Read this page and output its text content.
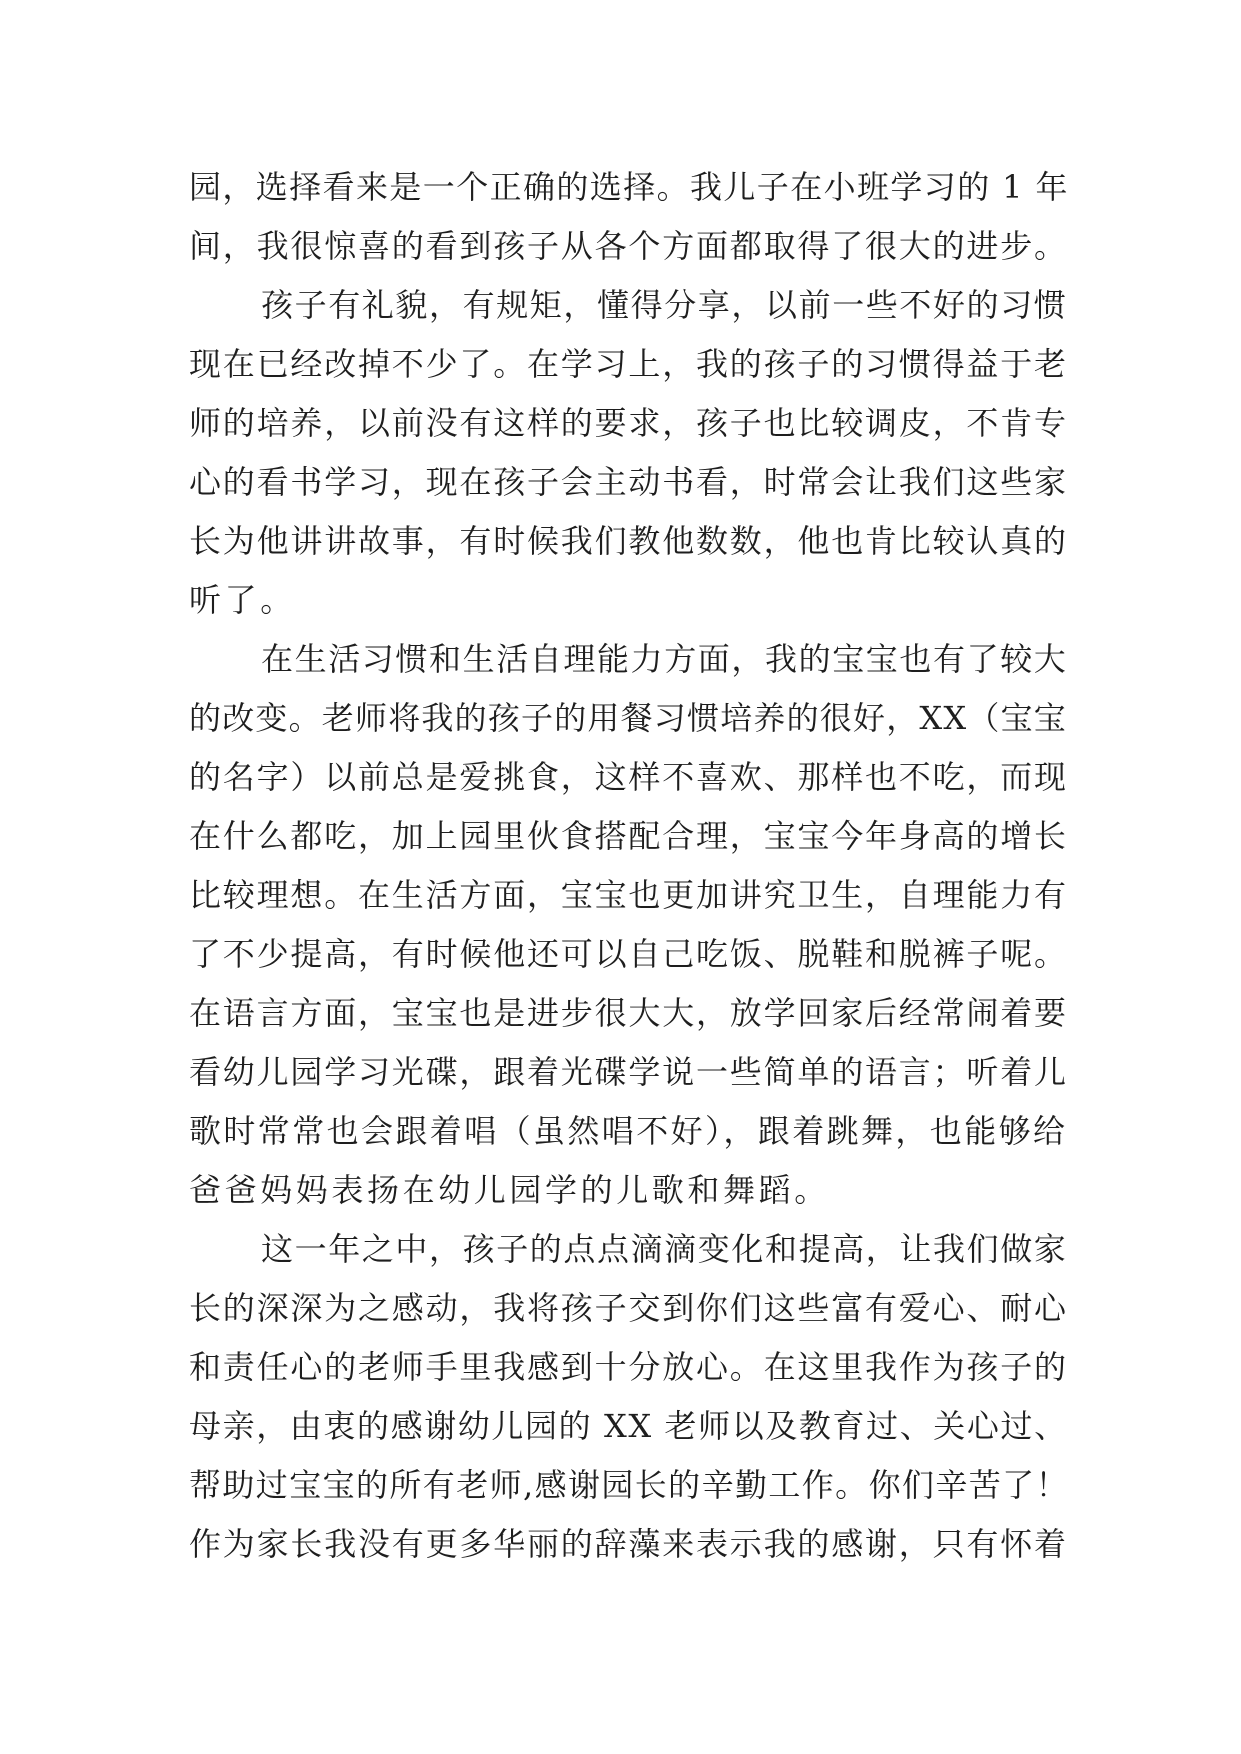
园，选择看来是一个正确的选择。我儿子在小班学习的 1 年
间，我很惊喜的看到孩子从各个方面都取得了很大的进步。
孩子有礼貌，有规矩，懂得分享，以前一些不好的习惯
现在已经改掉不少了。在学习上，我的孩子的习惯得益于老
师的培养，以前没有这样的要求，孩子也比较调皮，不肯专
心的看书学习，现在孩子会主动书看，时常会让我们这些家
长为他讲讲故事，有时候我们教他数数，他也肯比较认真的
听了。
在生活习惯和生活自理能力方面，我的宝宝也有了较大
的改变。老师将我的孩子的用餐习惯培养的很好，XX（宝宝
的名字）以前总是爱挑食，这样不喜欢、那样也不吃，而现
在什么都吃，加上园里伙食搭配合理，宝宝今年身高的增长
比较理想。在生活方面，宝宝也更加讲究卫生，自理能力有
了不少提高，有时候他还可以自己吃饭、脱鞋和脱裤子呢。
在语言方面，宝宝也是进步很大大，放学回家后经常闹着要
看幼儿园学习光碟，跟着光碟学说一些简单的语言；听着儿
歌时常常也会跟着唱（虽然唱不好），跟着跳舞，也能够给
爸爸妈妈表扬在幼儿园学的儿歌和舞蹈。
这一年之中，孩子的点点滴滴变化和提高，让我们做家
长的深深为之感动，我将孩子交到你们这些富有爱心、耐心
和责任心的老师手里我感到十分放心。在这里我作为孩子的
母亲，由衷的感谢幼儿园的 XX 老师以及教育过、关心过、
帮助过宝宝的所有老师,感谢园长的辛勤工作。你们辛苦了！
作为家长我没有更多华丽的辞藻来表示我的感谢，只有怀着
